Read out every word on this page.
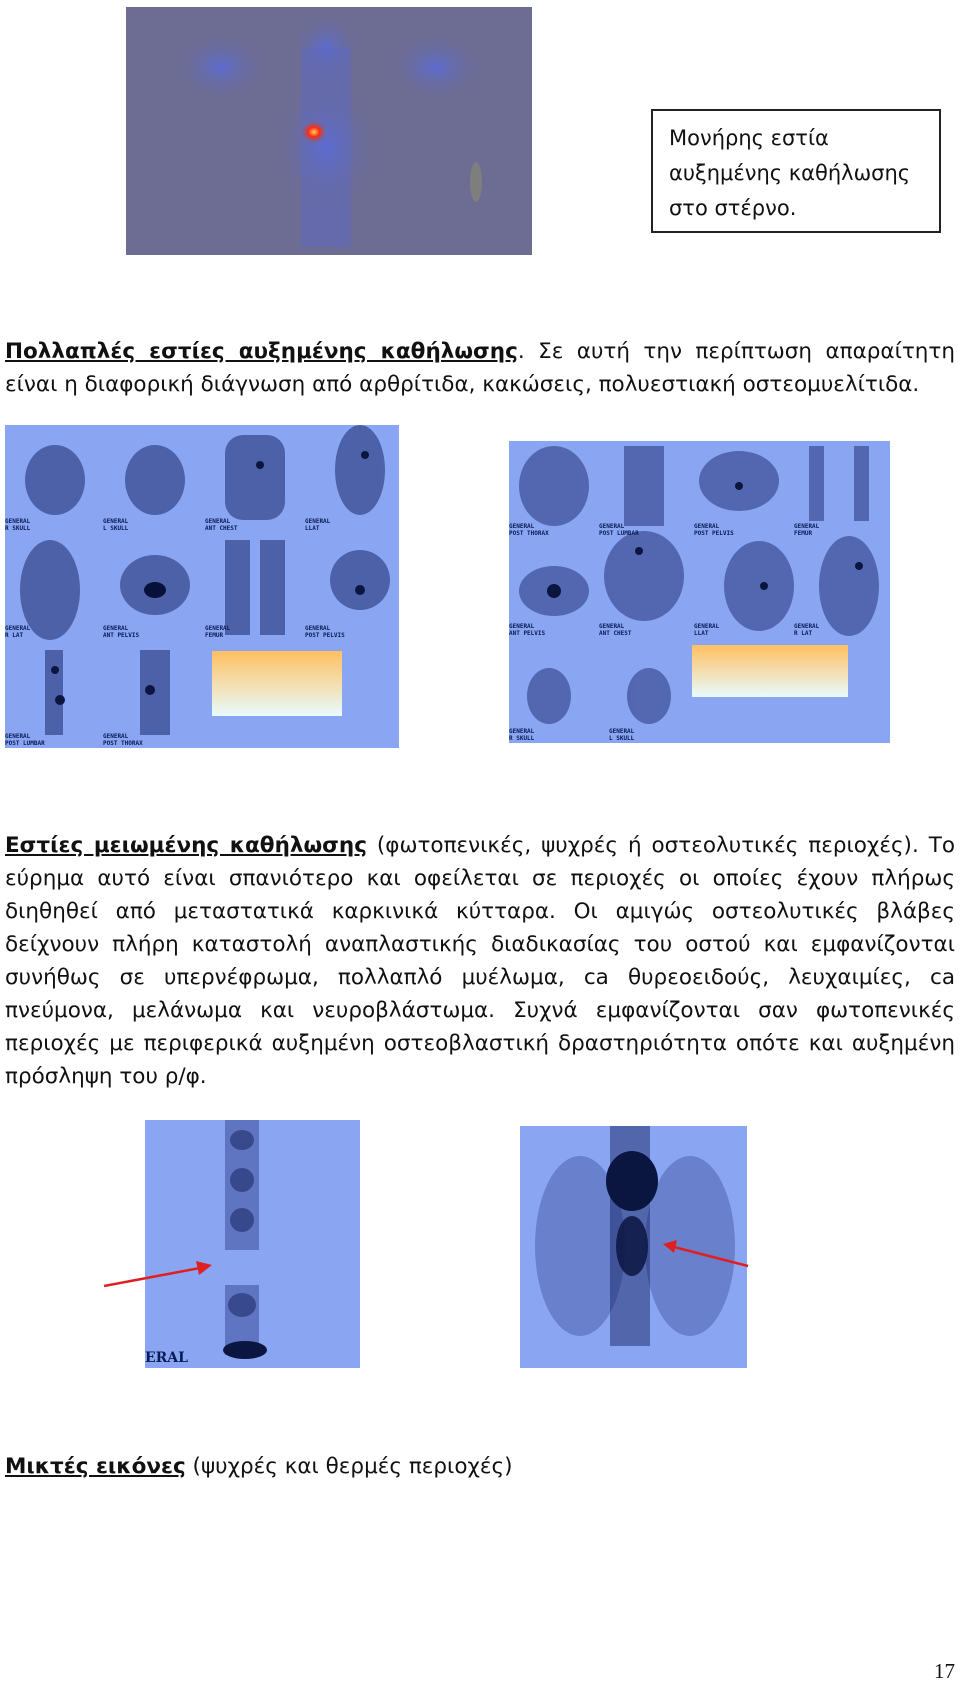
Μονήρης εστία
αυξημένης καθήλωσης
στο στέρνο.
Πολλαπλές εστίες αυξημένης καθήλωσης. Σε αυτή την περίπτωση απαραίτητη είναι η διαφορική διάγνωση από αρθρίτιδα, κακώσεις, πολυεστιακή οστεομυελίτιδα.
GENERAL
R SKULL
GENERAL
L SKULL
GENERAL
ANT CHEST
GENERAL
LLAT
GENERAL
R LAT
GENERAL
ANT PELVIS
GENERAL
FEMUR
GENERAL
POST PELVIS
GENERAL
POST LUMBAR
GENERAL
POST THORAX
GENERAL
POST THORAX
GENERAL
POST LUMBAR
GENERAL
POST PELVIS
GENERAL
FEMUR
GENERAL
ANT PELVIS
GENERAL
ANT CHEST
GENERAL
LLAT
GENERAL
R LAT
GENERAL
R SKULL
GENERAL
L SKULL
Εστίες μειωμένης καθήλωσης (φωτοπενικές, ψυχρές ή οστεολυτικές περιοχές). Το εύρημα αυτό είναι σπανιότερο και οφείλεται σε περιοχές οι οποίες έχουν πλήρως διηθηθεί από μεταστατικά καρκινικά κύτταρα. Οι αμιγώς οστεολυτικές βλάβες δείχνουν πλήρη καταστολή αναπλαστικής διαδικασίας του οστού και εμφανίζονται συνήθως σε υπερνέφρωμα, πολλαπλό μυέλωμα, ca θυρεοειδούς, λευχαιμίες, ca πνεύμονα, μελάνωμα και νευροβλάστωμα. Συχνά εμφανίζονται σαν φωτοπενικές περιοχές με περιφερικά αυξημένη οστεοβλαστική δραστηριότητα οπότε και αυξημένη πρόσληψη του ρ/φ.
ERAL
Μικτές εικόνες (ψυχρές και θερμές περιοχές)
17
